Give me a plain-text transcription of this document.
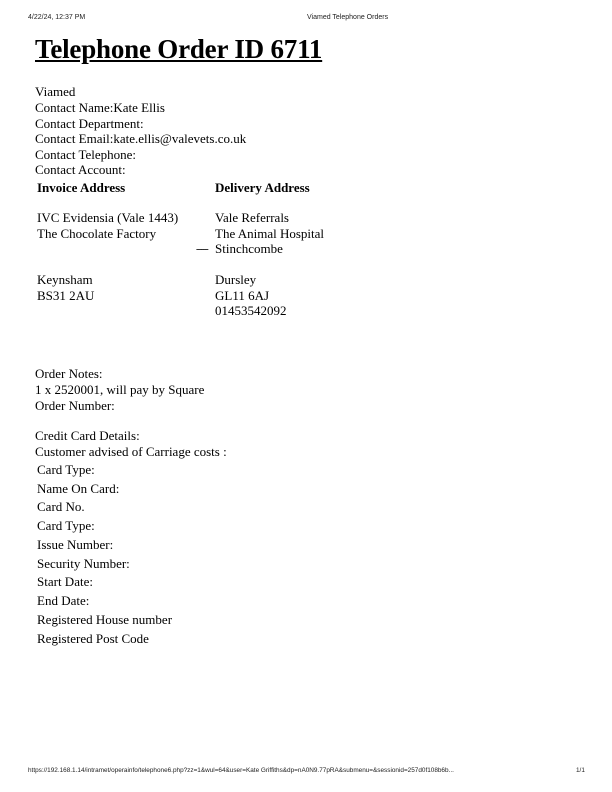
4/22/24, 12:37 PM	Viamed Telephone Orders
Telephone Order ID 6711
Viamed
Contact Name:Kate Ellis
Contact Department:
Contact Email:kate.ellis@valevets.co.uk
Contact Telephone:
Contact Account:
Invoice Address
IVC Evidensia (Vale 1443)
The Chocolate Factory
Keynsham
BS31 2AU
-----
Delivery Address
Vale Referrals
The Animal Hospital
Stinchcombe
Dursley
GL11 6AJ
01453542092
Order Notes:
1 x 2520001, will pay by Square
Order Number:
Credit Card Details:
Customer advised of Carriage costs :
Card Type:
Name On Card:
Card No.
Card Type:
Issue Number:
Security Number:
Start Date:
End Date:
Registered House number
Registered Post Code
https://192.168.1.14/intramet/operainfo/telephone6.php?zz=1&wul=64&user=Kate Griffiths&dp=nA0N9.77pRA&submenu=&sessionid=257d0f108b6b...	1/1
